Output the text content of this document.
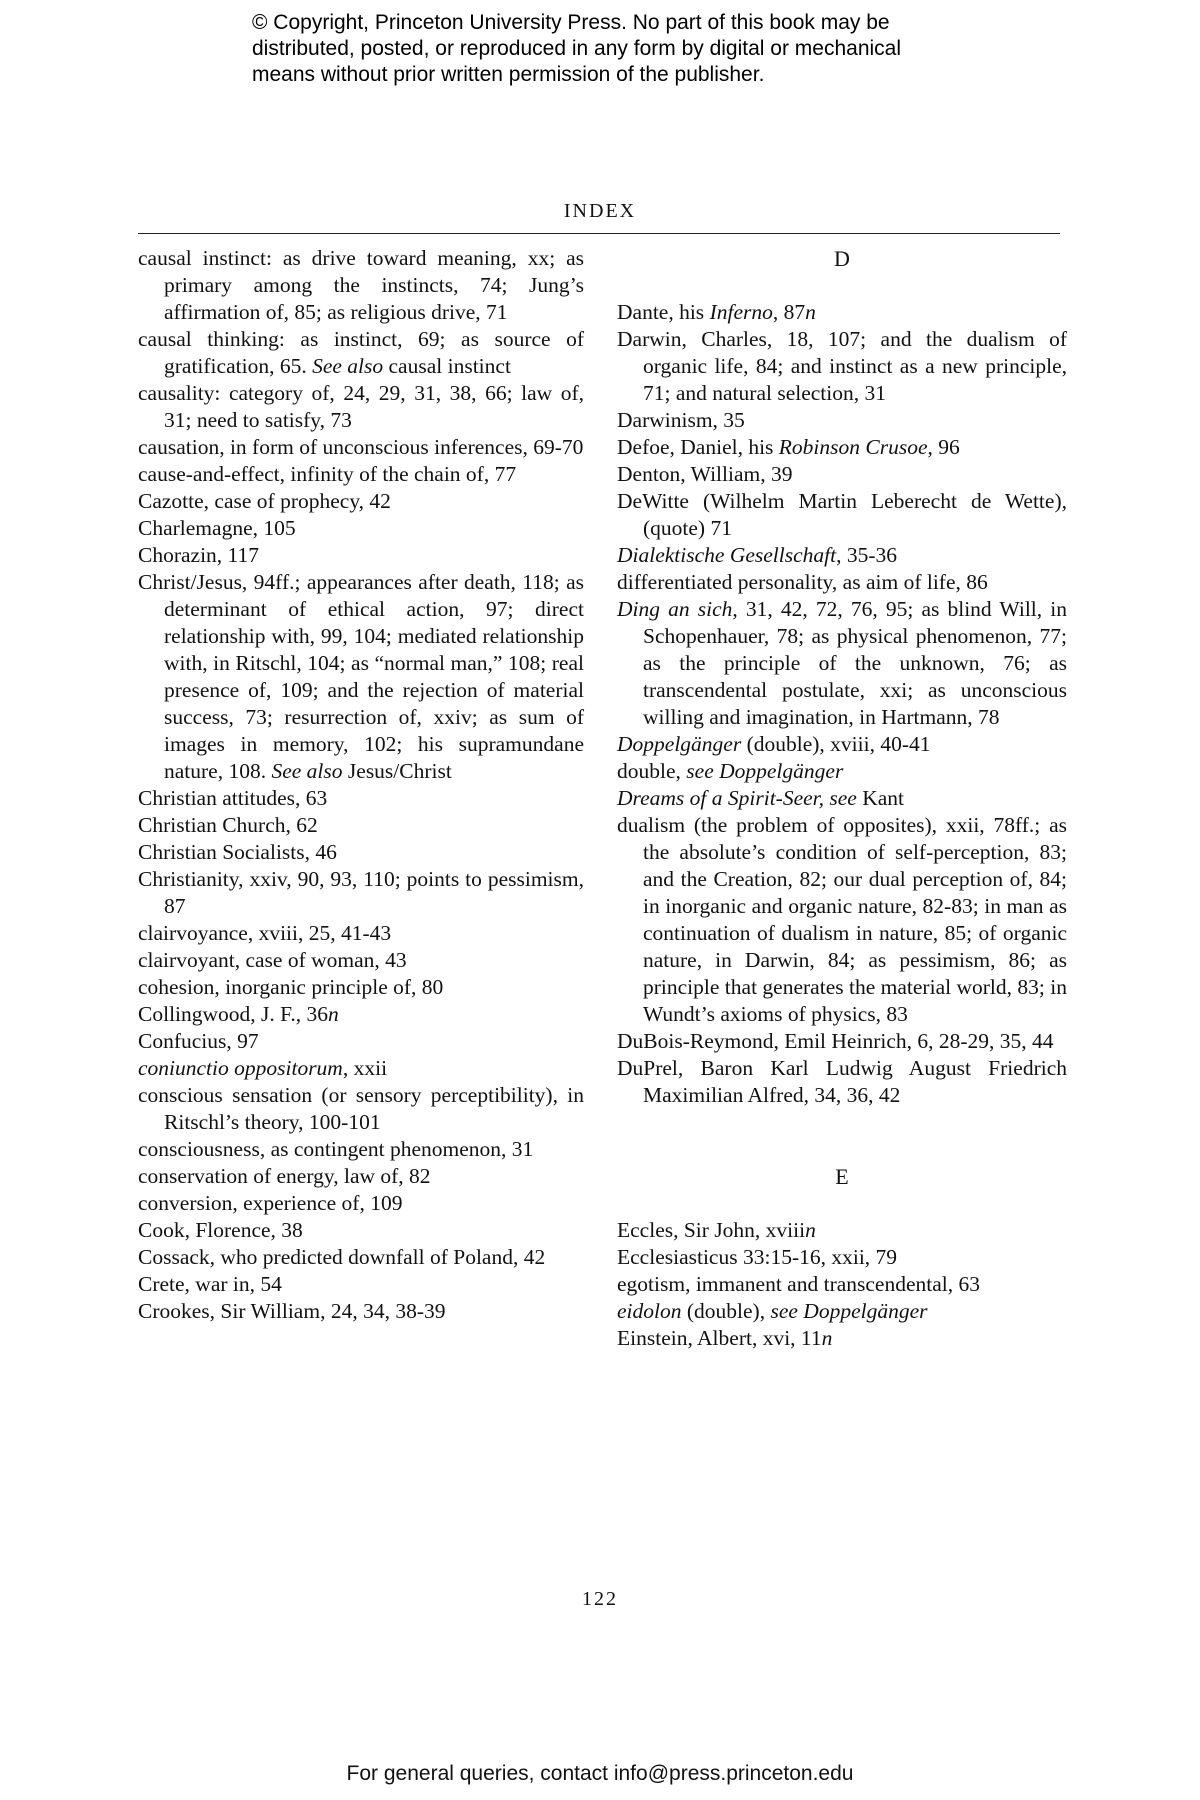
© Copyright, Princeton University Press. No part of this book may be
distributed, posted, or reproduced in any form by digital or mechanical
means without prior written permission of the publisher.
INDEX

causal instinct: as drive toward meaning, xx; as primary among the instincts, 74; Jung’s affirmation of, 85; as religious drive, 71

causal thinking: as instinct, 69; as source of gratification, 65. See also causal instinct

causality: category of, 24, 29, 31, 38, 66; law of, 31; need to satisfy, 73

causation, in form of unconscious inferences, 69-70

cause-and-effect, infinity of the chain of, 77

Cazotte, case of prophecy, 42

Charlemagne, 105

Chorazin, 117

Christ/Jesus, 94ff.; appearances after death, 118; as determinant of ethical action, 97; direct relationship with, 99, 104; mediated relationship with, in Ritschl, 104; as “normal man,” 108; real presence of, 109; and the rejection of material success, 73; resurrection of, xxiv; as sum of images in memory, 102; his supramundane nature, 108. See also Jesus/Christ

Christian attitudes, 63

Christian Church, 62

Christian Socialists, 46

Christianity, xxiv, 90, 93, 110; points to pessimism, 87

clairvoyance, xviii, 25, 41-43

clairvoyant, case of woman, 43

cohesion, inorganic principle of, 80

Collingwood, J. F., 36n

Confucius, 97

coniunctio oppositorum, xxii

conscious sensation (or sensory perceptibility), in Ritschl’s theory, 100-101

consciousness, as contingent phenomenon, 31

conservation of energy, law of, 82

conversion, experience of, 109

Cook, Florence, 38

Cossack, who predicted downfall of Poland, 42

Crete, war in, 54

Crookes, Sir William, 24, 34, 38-39

D

Dante, his Inferno, 87n

Darwin, Charles, 18, 107; and the dualism of organic life, 84; and instinct as a new principle, 71; and natural selection, 31

Darwinism, 35

Defoe, Daniel, his Robinson Crusoe, 96

Denton, William, 39

DeWitte (Wilhelm Martin Leberecht de Wette), (quote) 71

Dialektische Gesellschaft, 35-36

differentiated personality, as aim of life, 86

Ding an sich, 31, 42, 72, 76, 95; as blind Will, in Schopenhauer, 78; as physical phenomenon, 77; as the principle of the unknown, 76; as transcendental postulate, xxi; as unconscious willing and imagination, in Hartmann, 78

Doppelgänger (double), xviii, 40-41

double, see Doppelgänger

Dreams of a Spirit-Seer, see Kant

dualism (the problem of opposites), xxii, 78ff.; as the absolute’s condition of self-perception, 83; and the Creation, 82; our dual perception of, 84; in inorganic and organic nature, 82-83; in man as continuation of dualism in nature, 85; of organic nature, in Darwin, 84; as pessimism, 86; as principle that generates the material world, 83; in Wundt’s axioms of physics, 83

DuBois-Reymond, Emil Heinrich, 6, 28-29, 35, 44

DuPrel, Baron Karl Ludwig August Friedrich Maximilian Alfred, 34, 36, 42

E

Eccles, Sir John, xviiin

Ecclesiasticus 33:15-16, xxii, 79

egotism, immanent and transcendental, 63

eidolon (double), see Doppelgänger

Einstein, Albert, xvi, 11n

122
For general queries, contact info@press.princeton.edu
